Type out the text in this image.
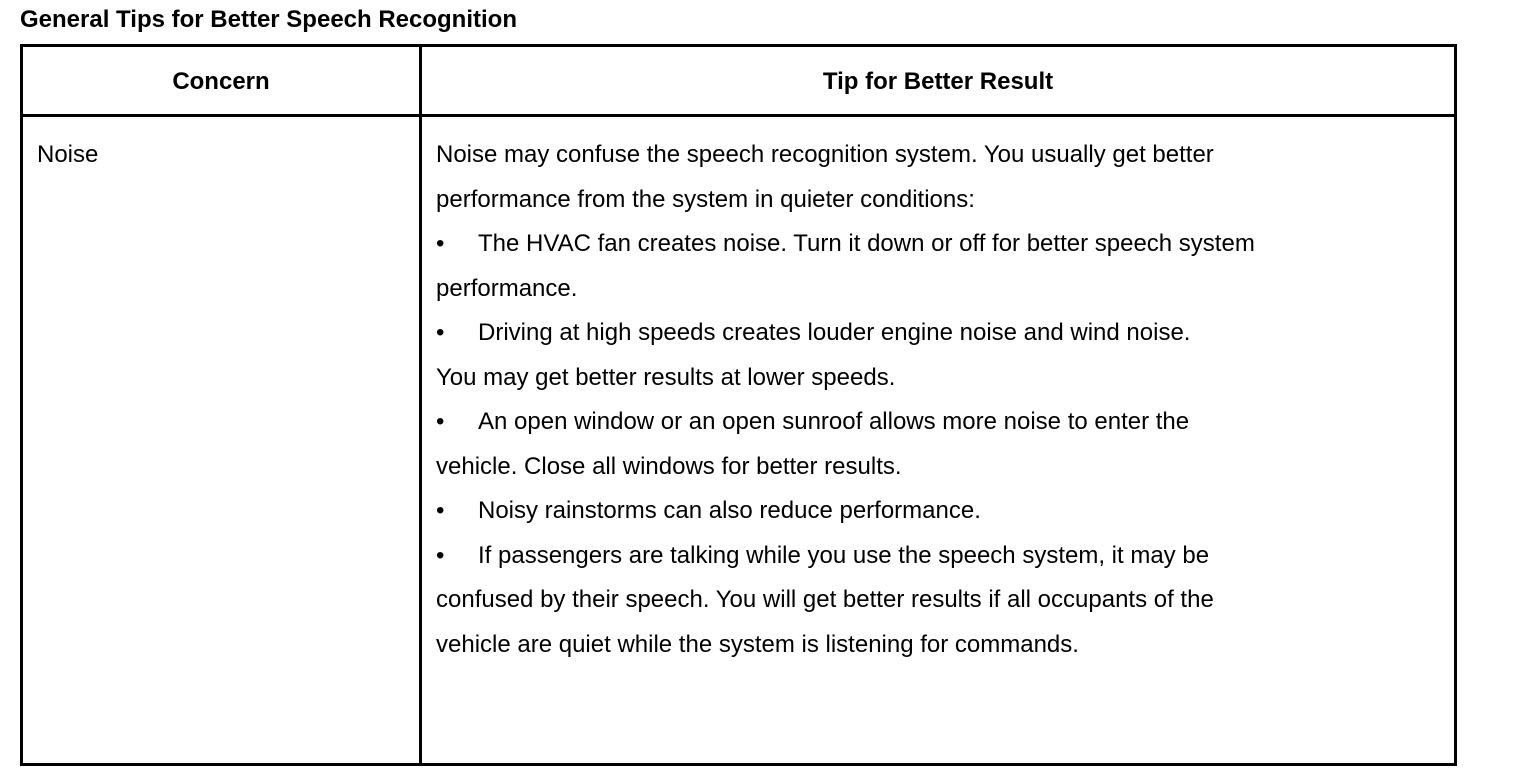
General Tips for Better Speech Recognition
Concern	Tip for Better Result
Noise	Noise may confuse the speech recognition system. You usually get better
performance from the system in quieter conditions:
• The HVAC fan creates noise. Turn it down or off for better speech system
performance.
• Driving at high speeds creates louder engine noise and wind noise.
You may get better results at lower speeds.
• An open window or an open sunroof allows more noise to enter the
vehicle. Close all windows for better results.
• Noisy rainstorms can also reduce performance.
• If passengers are talking while you use the speech system, it may be
confused by their speech. You will get better results if all occupants of the
vehicle are quiet while the system is listening for commands.
